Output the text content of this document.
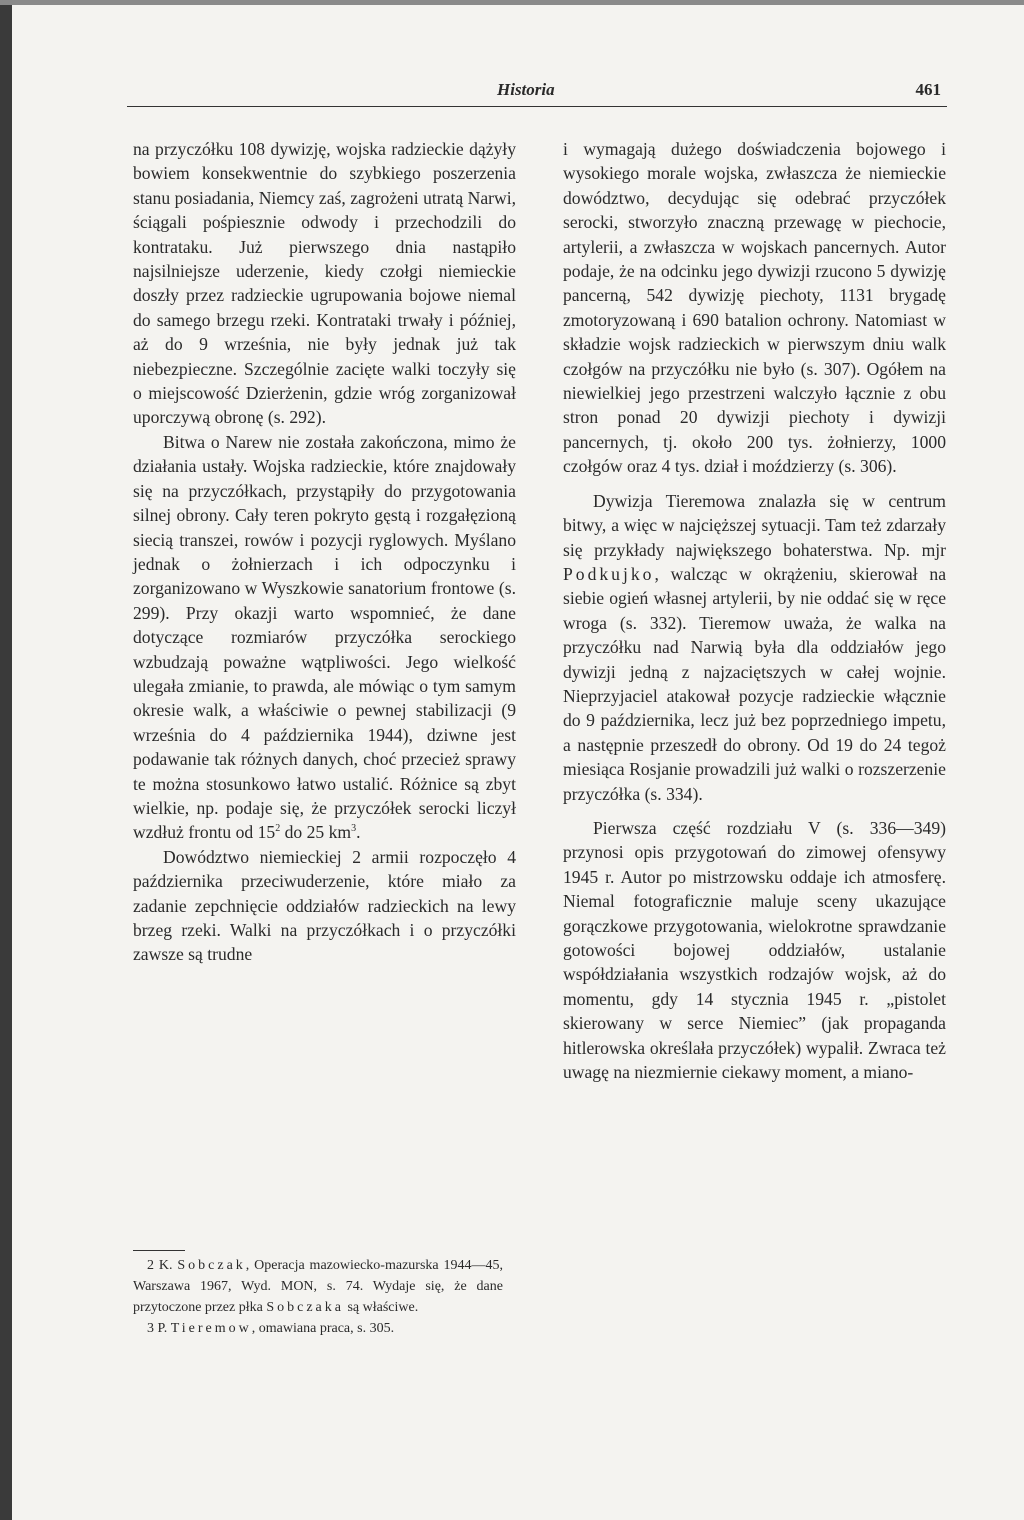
Historia	461

na przyczółku 108 dywizję, wojska radzieckie dążyły bowiem konsekwentnie do szybkiego poszerzenia stanu posiadania, Niemcy zaś, zagrożeni utratą Narwi, ściągali pośpiesznie odwody i przechodzili do kontrataku. Już pierwszego dnia nastąpiło najsilniejsze uderzenie, kiedy czołgi niemieckie doszły przez radzieckie ugrupowania bojowe niemal do samego brzegu rzeki. Kontrataki trwały i później, aż do 9 września, nie były jednak już tak niebezpieczne. Szczególnie zacięte walki toczyły się o miejscowość Dzierżenin, gdzie wróg zorganizował uporczywą obronę (s. 292).

Bitwa o Narew nie została zakończona, mimo że działania ustały. Wojska radzieckie, które znajdowały się na przyczółkach, przystąpiły do przygotowania silnej obrony. Cały teren pokryto gęstą i rozgałęzioną siecią transzei, rowów i pozycji ryglowych. Myślano jednak o żołnierzach i ich odpoczynku i zorganizowano w Wyszkowie sanatorium frontowe (s. 299). Przy okazji warto wspomnieć, że dane dotyczące rozmiarów przyczółka serockiego wzbudzają poważne wątpliwości. Jego wielkość ulegała zmianie, to prawda, ale mówiąc o tym samym okresie walk, a właściwie o pewnej stabilizacji (9 września do 4 października 1944), dziwne jest podawanie tak różnych danych, choć przecież sprawy te można stosunkowo łatwo ustalić. Różnice są zbyt wielkie, np. podaje się, że przyczółek serocki liczył wzdłuż frontu od $15^2$ do 25 $km^3$.

Dowództwo niemieckiej 2 armii rozpoczęło 4 października przeciwuderzenie, które miało za zadanie zepchnięcie oddziałów radzieckich na lewy brzeg rzeki. Walki na przyczółkach i o przyczółki zawsze są trudne

2 K. Sobczak, Operacja mazowiecko-mazurska 1944—45, Warszawa 1967, Wyd. MON, s. 74. Wydaje się, że dane przytoczone przez płka Sobczaka są właściwe.

3 P. Tieremow, omawiana praca, s. 305.

i wymagają dużego doświadczenia bojowego i wysokiego morale wojska, zwłaszcza że niemieckie dowództwo, decydując się odebrać przyczółek serocki, stworzyło znaczną przewagę w piechocie, artylerii, a zwłaszcza w wojskach pancernych. Autor podaje, że na odcinku jego dywizji rzucono 5 dywizję pancerną, 542 dywizję piechoty, 1131 brygadę zmotoryzowaną i 690 batalion ochrony. Natomiast w składzie wojsk radzieckich w pierwszym dniu walk czołgów na przyczółku nie było (s. 307). Ogółem na niewielkiej jego przestrzeni walczyło łącznie z obu stron ponad 20 dywizji piechoty i dywizji pancernych, tj. około 200 tys. żołnierzy, 1000 czołgów oraz 4 tys. dział i moździerzy (s. 306).

Dywizja Tieremowa znalazła się w centrum bitwy, a więc w najcięższej sytuacji. Tam też zdarzały się przykłady największego bohaterstwa. Np. mjr Podkujko, walcząc w okrążeniu, skierował na siebie ogień własnej artylerii, by nie oddać się w ręce wroga (s. 332). Tieremow uważa, że walka na przyczółku nad Narwią była dla oddziałów jego dywizji jedną z najzaciętszych w całej wojnie. Nieprzyjaciel atakował pozycje radzieckie włącznie do 9 października, lecz już bez poprzedniego impetu, a następnie przeszedł do obrony. Od 19 do 24 tegoż miesiąca Rosjanie prowadzili już walki o rozszerzenie przyczółka (s. 334).

Pierwsza część rozdziału V (s. 336—349) przynosi opis przygotowań do zimowej ofensywy 1945 r. Autor po mistrzowsku oddaje ich atmosferę. Niemal fotograficznie maluje sceny ukazujące gorączkowe przygotowania, wielokrotne sprawdzanie gotowości bojowej oddziałów, ustalanie współdziałania wszystkich rodzajów wojsk, aż do momentu, gdy 14 stycznia 1945 r. „pistolet skierowany w serce Niemiec” (jak propaganda hitlerowska określała przyczółek) wypalił. Zwraca też uwagę na niezmiernie ciekawy moment, a miano-
